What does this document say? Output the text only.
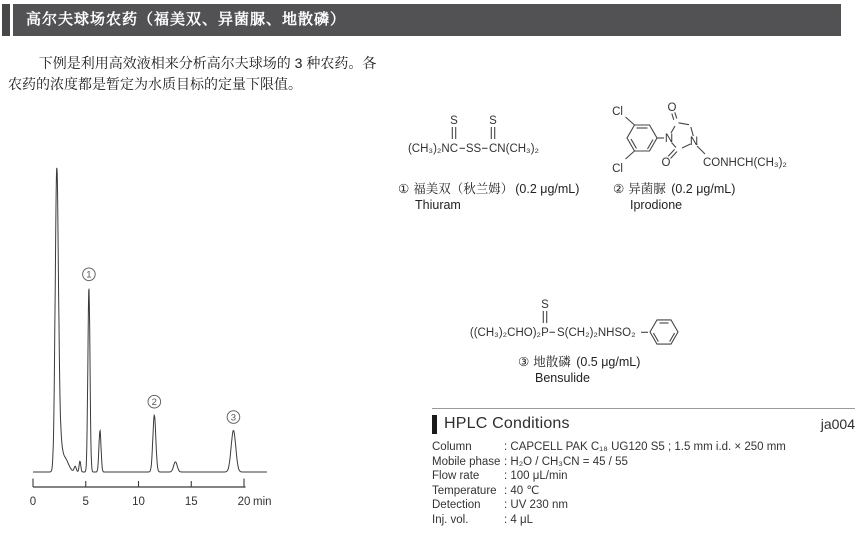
高尔夫球场农药（福美双、异菌脲、地散磷）
下例是利用高效液相来分析高尔夫球场的 3 种农药。各
农药的浓度都是暂定为水质目标的定量下限值。
0	5	10	15	20 min
1
2
3
S	S
(CH₃)₂NC SS CN(CH₃)₂
Cl
Cl
N
O
O
N
CONHCH(CH₃)₂
S
((CH₃)₂CHO)₂ P S(CH₂)₂NHSO₂
① 福美双（秋兰姆） (0.2 μg/mL)
Thiuram
② 异菌脲 (0.2 μg/mL)
Iprodione
③ 地散磷 (0.5 μg/mL)
Bensulide
HPLC Conditions	ja004
Column	: CAPCELL PAK C₁₈ UG120 S5 ; 1.5 mm i.d. × 250 mm
Mobile phase : H₂O / CH₃CN = 45 / 55
Flow rate	: 100 μL/min
Temperature : 40 ℃
Detection	: UV 230 nm
Inj. vol.	: 4 μL
